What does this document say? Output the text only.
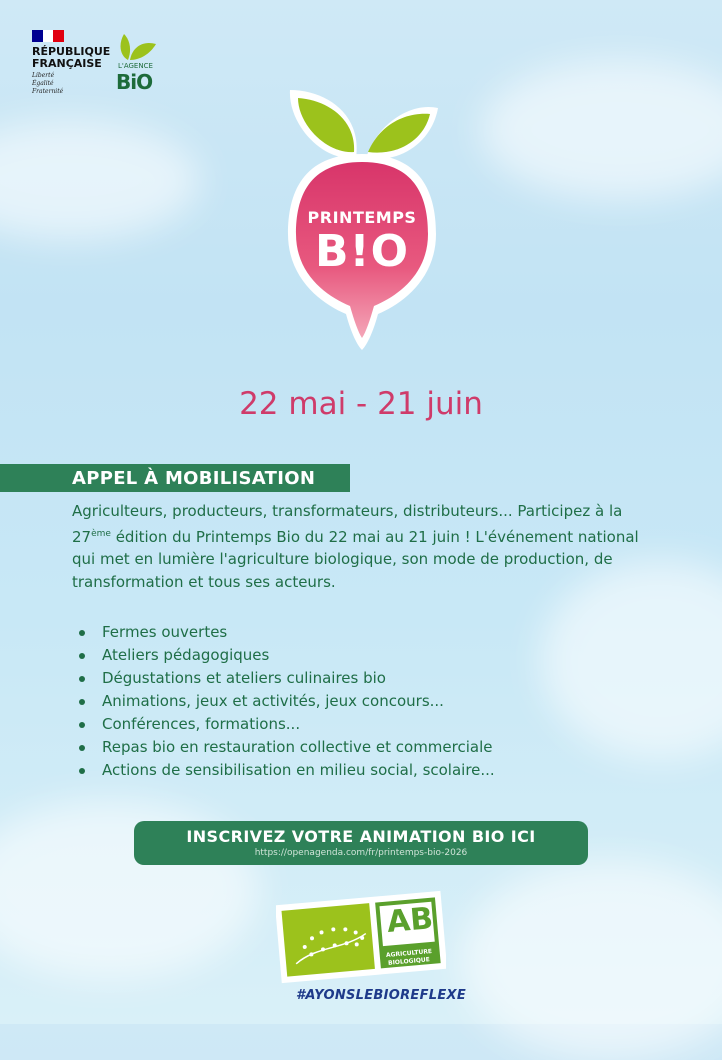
RÉPUBLIQUE
FRANÇAISE
Liberté
Égalité
Fraternité
L'AGENCE
BiO
PRINTEMPS
B!O
22 mai - 21 juin
APPEL À MOBILISATION
Agriculteurs, producteurs, transformateurs, distributeurs... Participez à la 27ème édition du Printemps Bio du 22 mai au 21 juin ! L'événement national qui met en lumière l'agriculture biologique, son mode de production, de transformation et tous ses acteurs.
Fermes ouvertes
Ateliers pédagogiques
Dégustations et ateliers culinaires bio
Animations, jeux et activités, jeux concours...
Conférences, formations...
Repas bio en restauration collective et commerciale
Actions de sensibilisation en milieu social, scolaire...
INSCRIVEZ VOTRE ANIMATION BIO ICI
https://openagenda.com/fr/printemps-bio-2026
AB
AGRICULTURE
BIOLOGIQUE
#AYONSLEBIOREFLEXE
